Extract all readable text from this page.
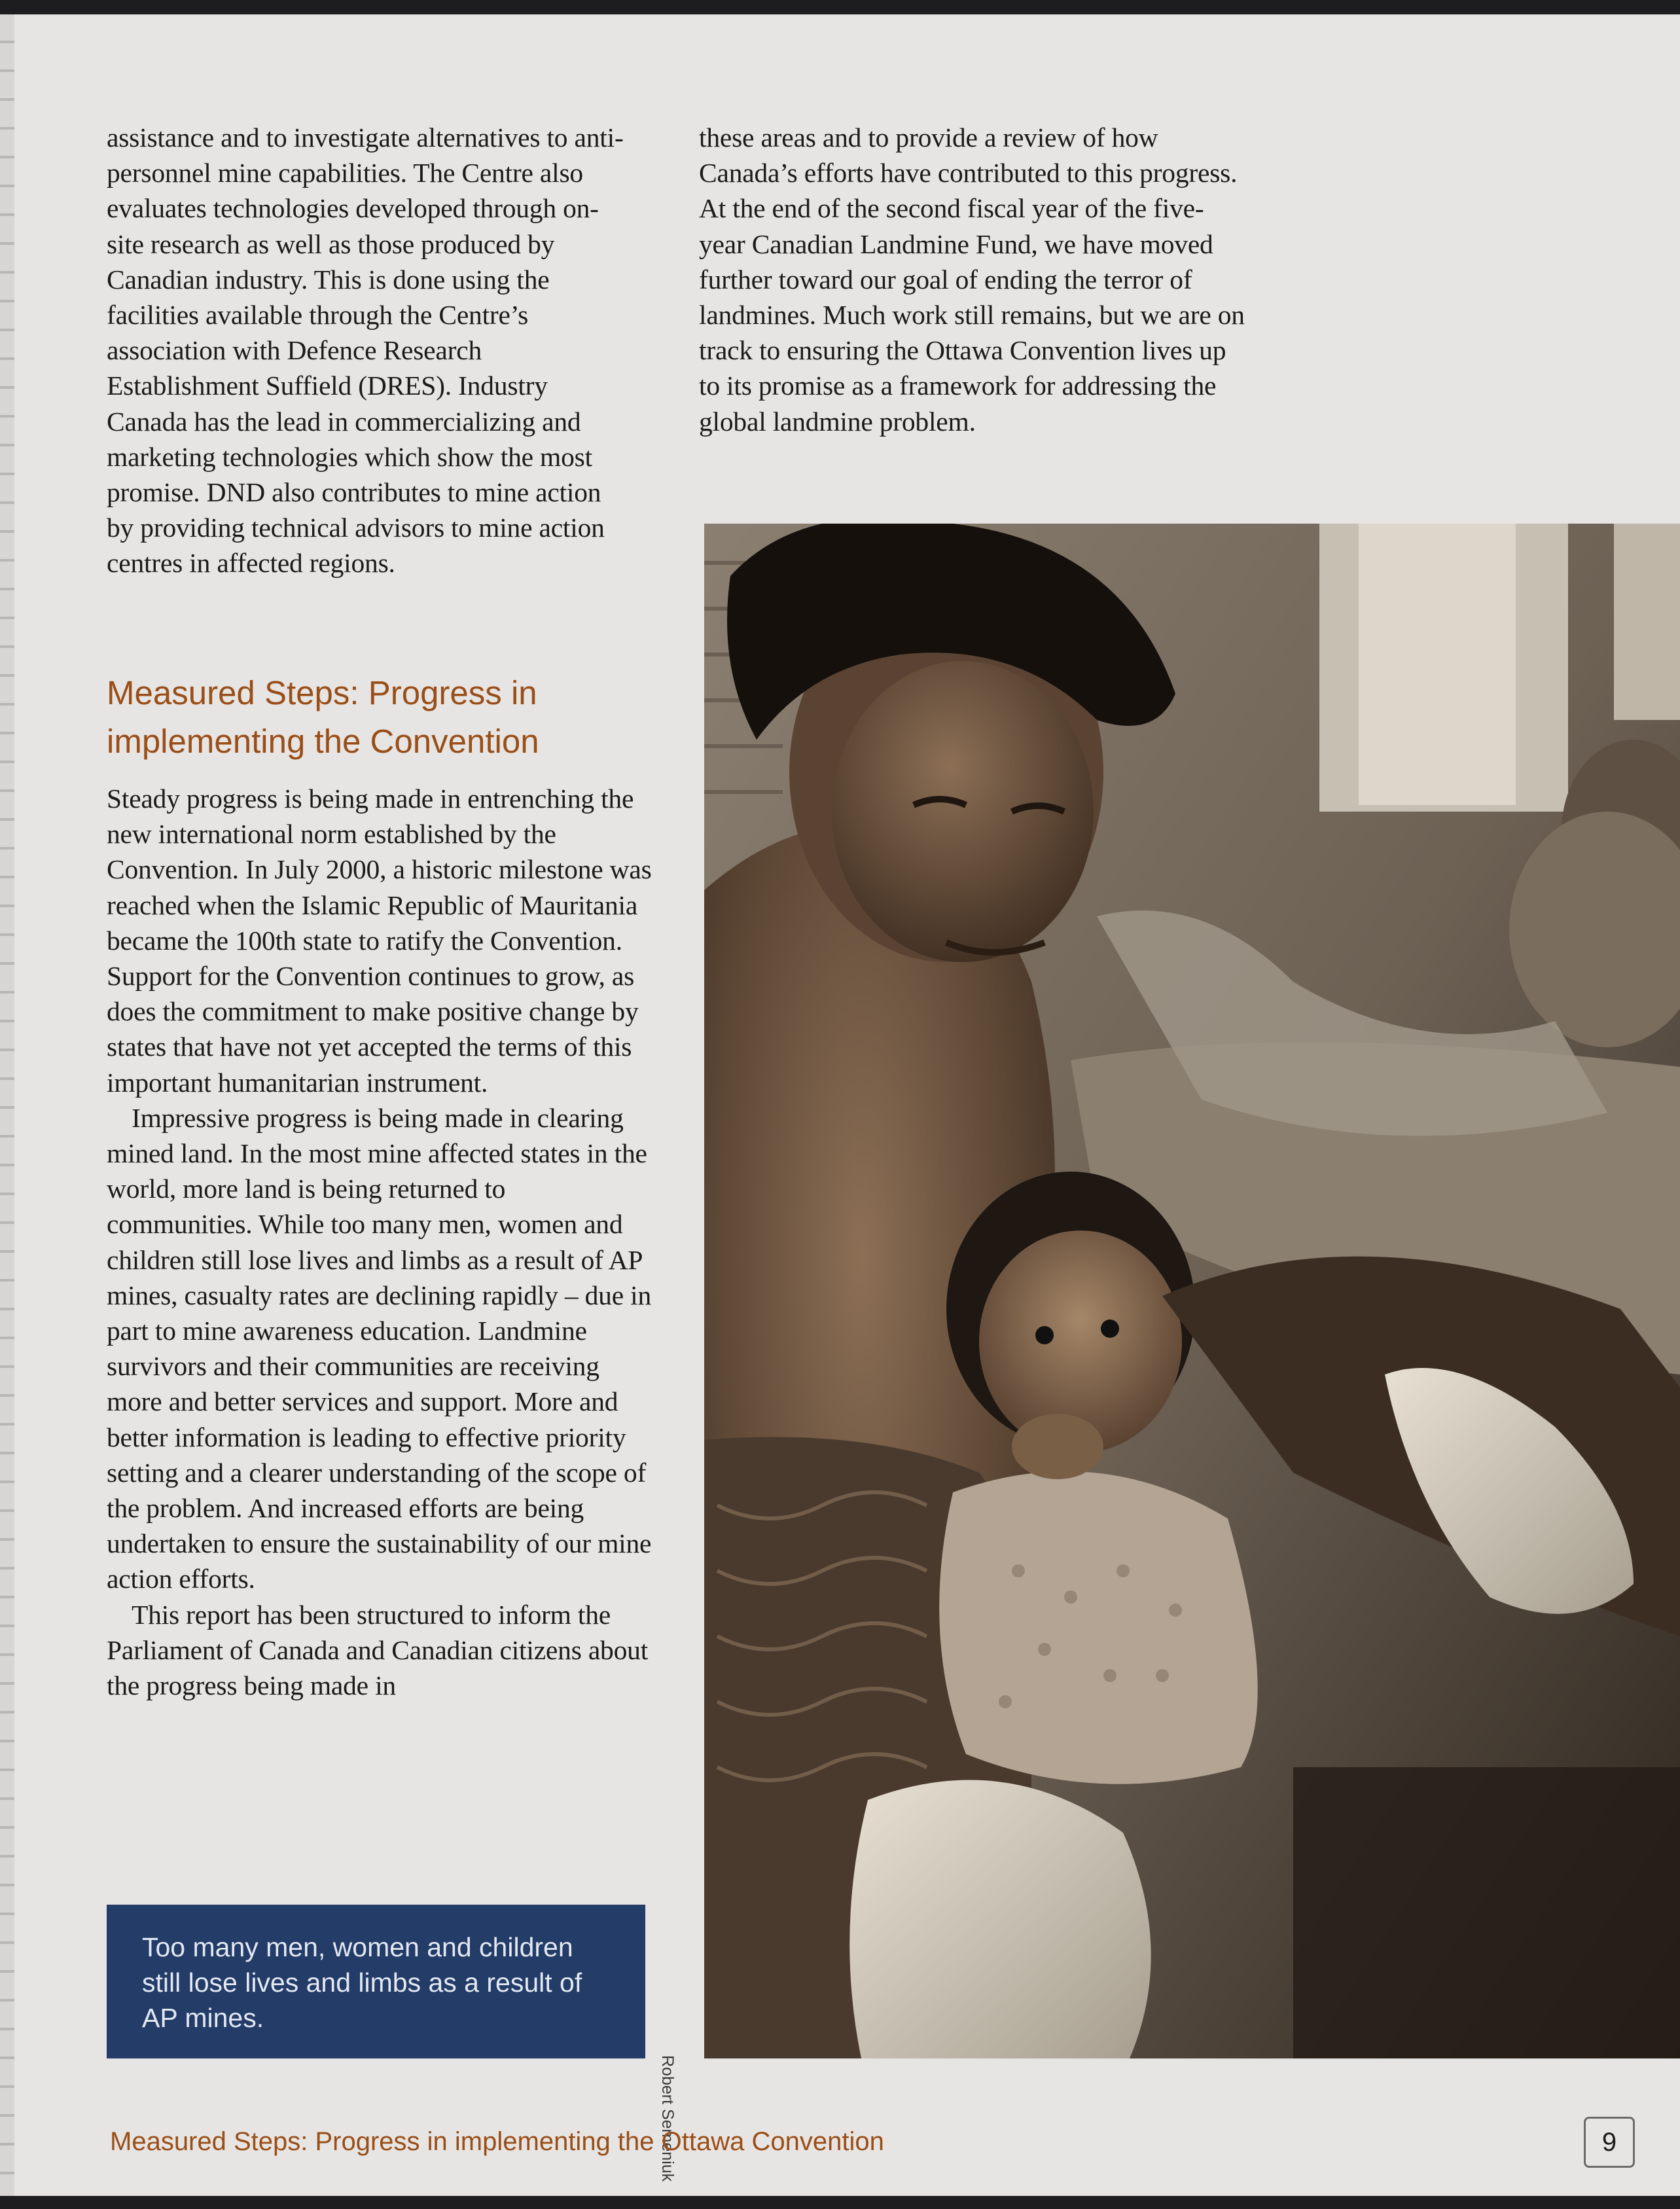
assistance and to investigate alternatives to anti-personnel mine capabilities. The Centre also evaluates technologies developed through on-site research as well as those produced by Canadian industry. This is done using the facilities available through the Centre’s association with Defence Research Establishment Suffield (DRES). Industry Canada has the lead in commercializing and marketing technologies which show the most promise. DND also contributes to mine action by providing technical advisors to mine action centres in affected regions.

these areas and to provide a review of how Canada’s efforts have contributed to this progress. At the end of the second fiscal year of the five-year Canadian Landmine Fund, we have moved further toward our goal of ending the terror of landmines. Much work still remains, but we are on track to ensuring the Ottawa Convention lives up to its promise as a framework for addressing the global landmine problem.

Measured Steps: Progress in implementing the Convention

Steady progress is being made in entrenching the new international norm established by the Convention. In July 2000, a historic milestone was reached when the Islamic Republic of Mauritania became the 100th state to ratify the Convention. Support for the Convention continues to grow, as does the commitment to make positive change by states that have not yet accepted the terms of this important humanitarian instrument.

Impressive progress is being made in clearing mined land. In the most mine affected states in the world, more land is being returned to communities. While too many men, women and children still lose lives and limbs as a result of AP mines, casualty rates are declining rapidly – due in part to mine awareness education. Landmine survivors and their communities are receiving more and better services and support. More and better information is leading to effective priority setting and a clearer understanding of the scope of the problem. And increased efforts are being undertaken to ensure the sustainability of our mine action efforts.

This report has been structured to inform the Parliament of Canada and Canadian citizens about the progress being made in

Too many men, women and children still lose lives and limbs as a result of AP mines.
Robert Semeniuk
Measured Steps: Progress in implementing the Ottawa Convention	9
